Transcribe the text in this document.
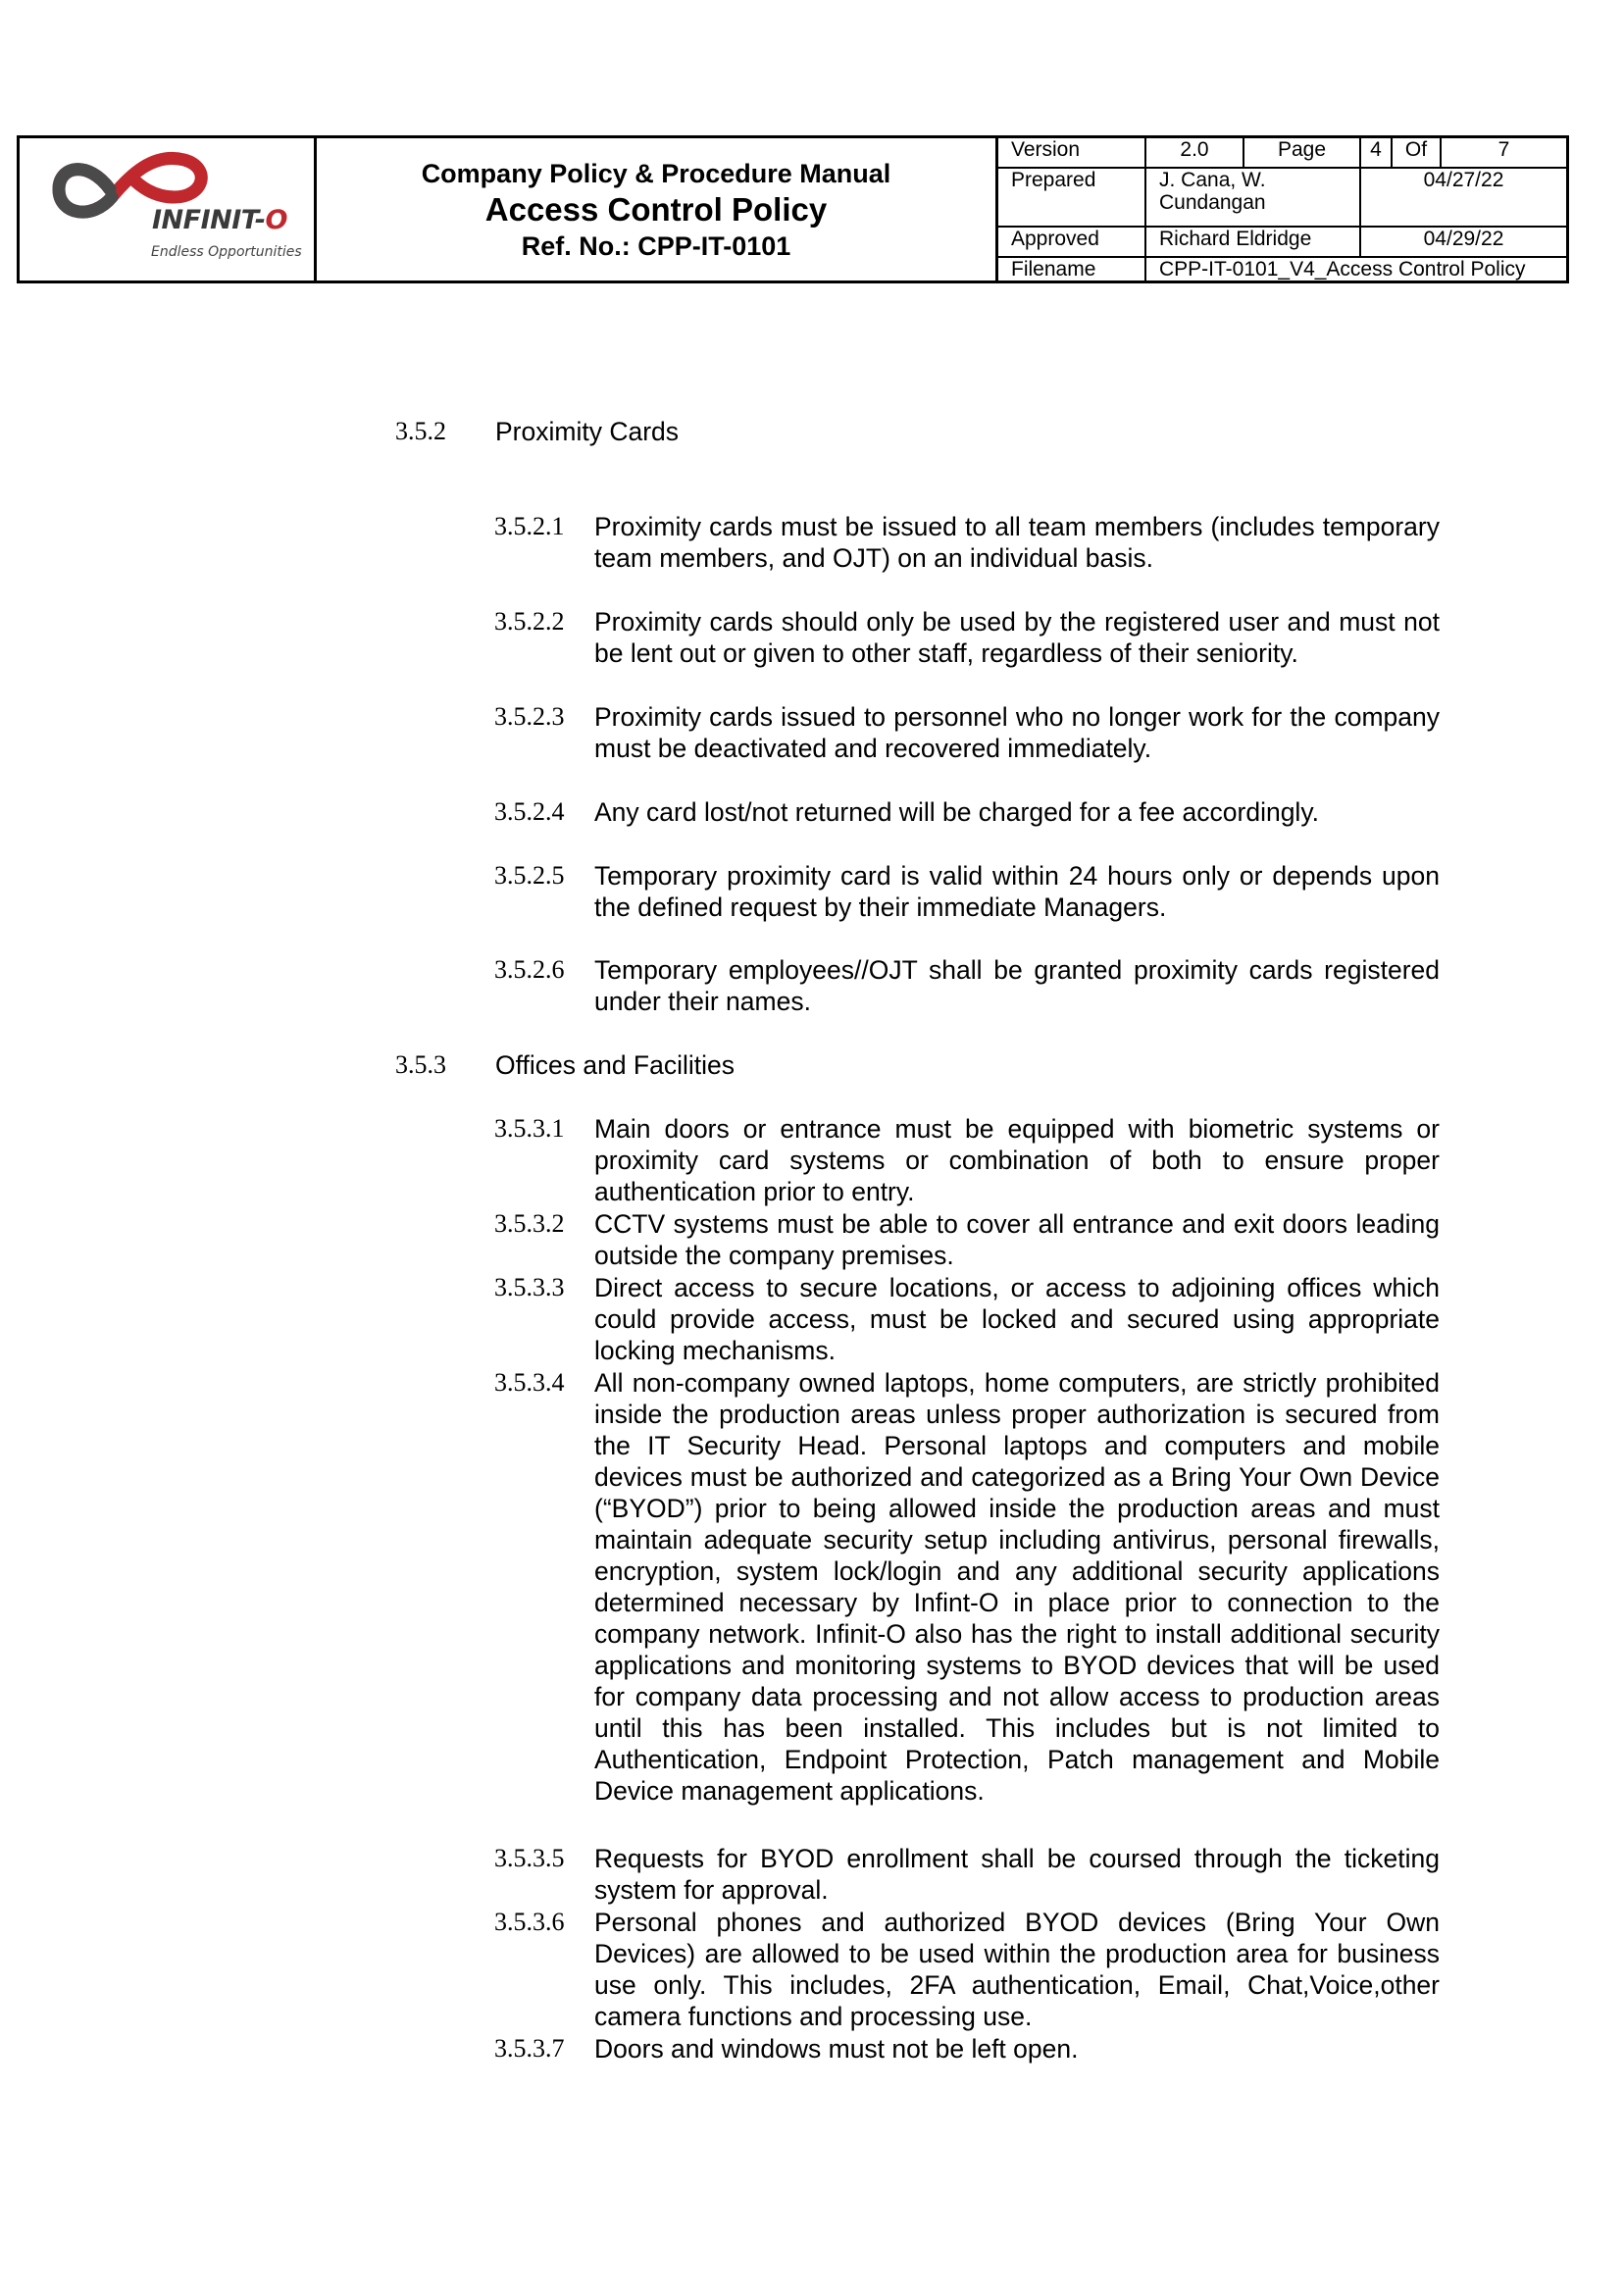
INFINIT-O
Endless Opportunities
Company Policy & Procedure Manual
Access Control Policy
Ref. No.: CPP-IT-0101
Version	2.0	Page	4	Of	7
Prepared	J. Cana, W. Cundangan		04/27/22		
Approved	Richard Eldridge		04/29/22		
Filename	CPP-IT-0101_V4_Access Control Policy				
3.5.2 Proximity Cards
3.5.2.1 Proximity cards must be issued to all team members (includes temporary team members, and OJT) on an individual basis.
3.5.2.2 Proximity cards should only be used by the registered user and must not be lent out or given to other staff, regardless of their seniority.
3.5.2.3 Proximity cards issued to personnel who no longer work for the company must be deactivated and recovered immediately.
3.5.2.4 Any card lost/not returned will be charged for a fee accordingly.
3.5.2.5 Temporary proximity card is valid within 24 hours only or depends upon the defined request by their immediate Managers.
3.5.2.6 Temporary employees//OJT shall be granted proximity cards registered under their names.
3.5.3 Offices and Facilities
3.5.3.1 Main doors or entrance must be equipped with biometric systems or proximity card systems or combination of both to ensure proper authentication prior to entry.
3.5.3.2 CCTV systems must be able to cover all entrance and exit doors leading outside the company premises.
3.5.3.3 Direct access to secure locations, or access to adjoining offices which could provide access, must be locked and secured using appropriate locking mechanisms.
3.5.3.4 All non-company owned laptops, home computers, are strictly prohibited inside the production areas unless proper authorization is secured from the IT Security Head. Personal laptops and computers and mobile devices must be authorized and categorized as a Bring Your Own Device (“BYOD”) prior to being allowed inside the production areas and must maintain adequate security setup including antivirus, personal firewalls, encryption, system lock/login and any additional security applications determined necessary by Infint-O in place prior to connection to the company network. Infinit-O also has the right to install additional security applications and monitoring systems to BYOD devices that will be used for company data processing and not allow access to production areas until this has been installed. This includes but is not limited to Authentication, Endpoint Protection, Patch management and Mobile Device management applications.
3.5.3.5 Requests for BYOD enrollment shall be coursed through the ticketing system for approval.
3.5.3.6 Personal phones and authorized BYOD devices (Bring Your Own Devices) are allowed to be used within the production area for business use only. This includes, 2FA authentication, Email, Chat,Voice,other camera functions and processing use.
3.5.3.7 Doors and windows must not be left open.
